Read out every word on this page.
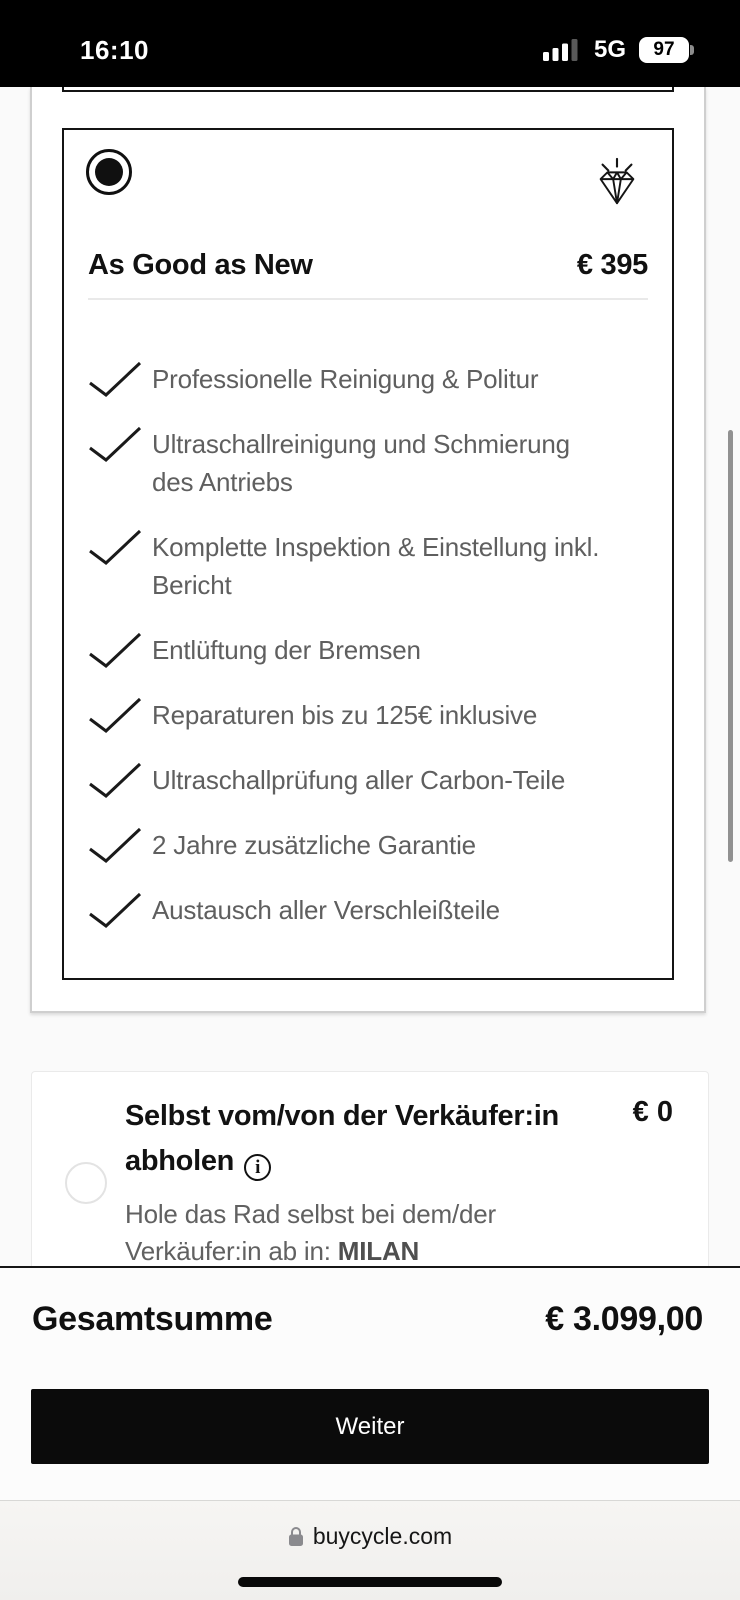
16:10	5G 97
As Good as New	€ 395
Professionelle Reinigung & Politur
Ultraschallreinigung und Schmierung
des Antriebs
Komplette Inspektion & Einstellung inkl.
Bericht
Entlüftung der Bremsen
Reparaturen bis zu 125€ inklusive
Ultraschallprüfung aller Carbon-Teile
2 Jahre zusätzliche Garantie
Austausch aller Verschleißteile
Selbst vom/von der Verkäufer:in
abholen i
€ 0
Hole das Rad selbst bei dem/der
Verkäufer:in ab in: MILAN
Gesamtsumme	€ 3.099,00
Weiter
buycycle.com
